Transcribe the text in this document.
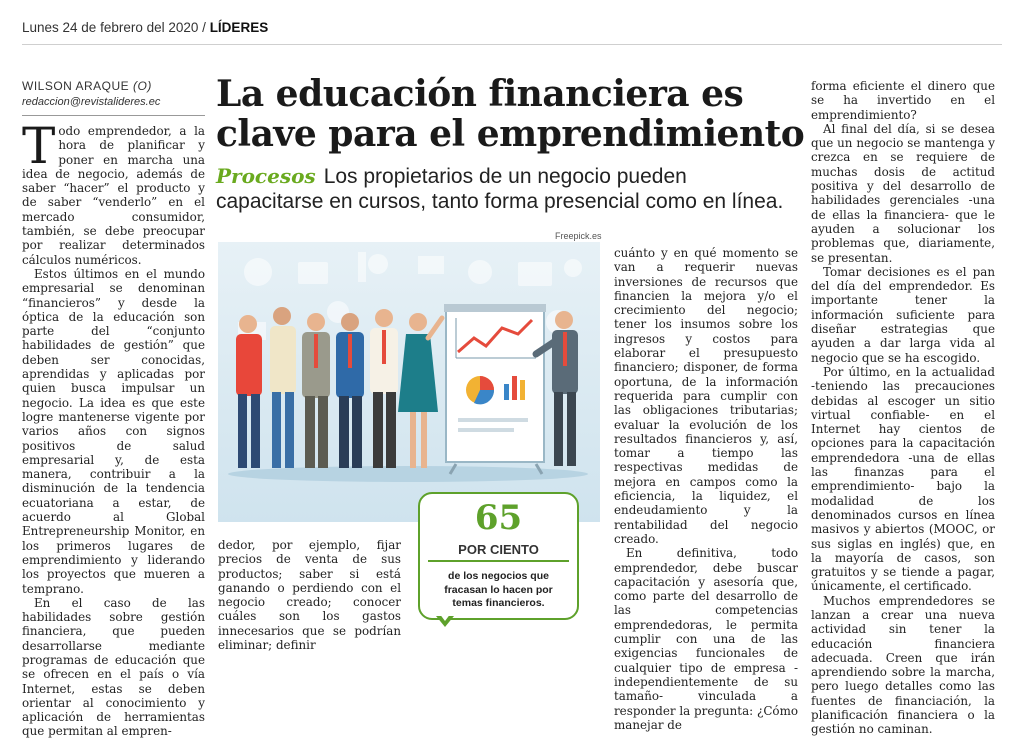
Lunes 24 de febrero del 2020 / LÍDERES
WILSON ARAQUE (O)
redaccion@revistalideres.ec La educación financiera es
clave para el emprendimiento
Procesos Los propietarios de un negocio pueden capacitarse en cursos, tanto forma presencial como en línea.

Todo emprendedor, a la hora de planificar y poner en marcha una idea de negocio, además de saber “hacer” el producto y de saber “venderlo” en el mercado consumidor, también, se debe preocupar por realizar determinados cálculos numéricos.

Estos últimos en el mundo empresarial se denominan “financieros” y desde la óptica de la educación son parte del “conjunto habilidades de gestión” que deben ser conocidas, aprendidas y aplicadas por quien busca impulsar un negocio. La idea es que este logre mantenerse vigente por varios años con signos positivos de salud empresarial y, de esta manera, contribuir a la disminución de la tendencia ecuatoriana a estar, de acuerdo al Global Entrepreneurship Monitor, en los primeros lugares de emprendimiento y liderando los proyectos que mueren a temprano.

En el caso de las habilidades sobre gestión financiera, que pueden desarrollarse mediante programas de educación que se ofrecen en el país o vía Internet, estas se deben orientar al conocimiento y aplicación de herramientas que permitan al empren-

Freepick.es

dedor, por ejemplo, fijar precios de venta de sus productos; saber si está ganando o perdiendo con el negocio creado; conocer cuáles son los gastos innecesarios que se podrían eliminar; definir

65
POR CIENTO
de los negocios que fracasan lo hacen por temas financieros.

cuánto y en qué momento se van a requerir nuevas inversiones de recursos que financien la mejora y/o el crecimiento del negocio; tener los insumos sobre los ingresos y costos para elaborar el presupuesto financiero; disponer, de forma oportuna, de la información requerida para cumplir con las obligaciones tributarias; evaluar la evolución de los resultados financieros y, así, tomar a tiempo las respectivas medidas de mejora en campos como la eficiencia, la liquidez, el endeudamiento y la rentabilidad del negocio creado.

En definitiva, todo emprendedor, debe buscar capacitación y asesoría que, como parte del desarrollo de las competencias emprendedoras, le permita cumplir con una de las exigencias funcionales de cualquier tipo de empresa -independientemente de su tamaño- vinculada a responder la pregunta: ¿Cómo manejar de

forma eficiente el dinero que se ha invertido en el emprendimiento?

Al final del día, si se desea que un negocio se mantenga y crezca en se requiere de muchas dosis de actitud positiva y del desarrollo de habilidades gerenciales -una de ellas la financiera- que le ayuden a solucionar los problemas que, diariamente, se presentan.

Tomar decisiones es el pan del día del emprendedor. Es importante tener la información suficiente para diseñar estrategias que ayuden a dar larga vida al negocio que se ha escogido.

Por último, en la actualidad -teniendo las precauciones debidas al escoger un sitio virtual confiable- en el Internet hay cientos de opciones para la capacitación emprendedora -una de ellas las finanzas para el emprendimiento- bajo la modalidad de los denominados cursos en línea masivos y abiertos (MOOC, or sus siglas en inglés) que, en la mayoría de casos, son gratuitos y se tiende a pagar, únicamente, el certificado.

Muchos emprendedores se lanzan a crear una nueva actividad sin tener la educación financiera adecuada. Creen que irán aprendiendo sobre la marcha, pero luego detalles como las fuentes de financiación, la planificación financiera o la gestión no caminan.
